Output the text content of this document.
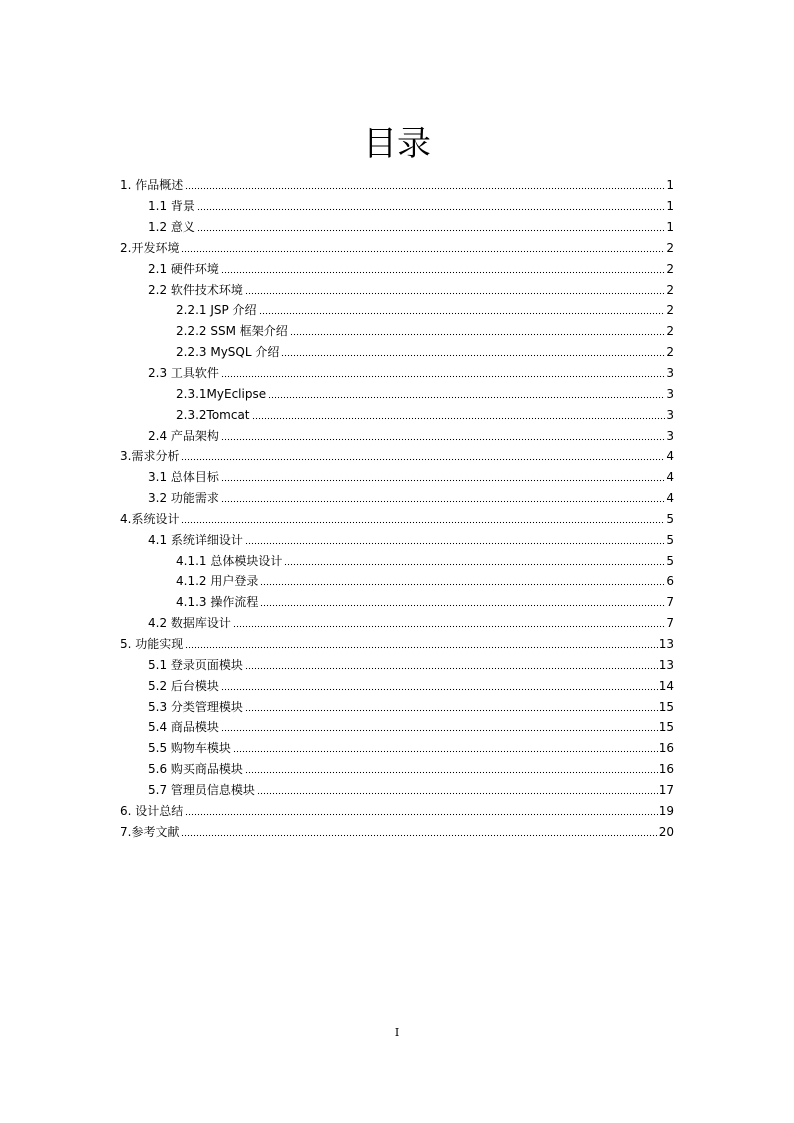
目录
1. 作品概述	1
1.1 背景	1
1.2 意义	1
2.开发环境	2
2.1 硬件环境	2
2.2 软件技术环境	2
2.2.1 JSP 介绍	2
2.2.2 SSM 框架介绍	2
2.2.3 MySQL 介绍	2
2.3 工具软件	3
2.3.1MyEclipse	3
2.3.2Tomcat	3
2.4 产品架构	3
3.需求分析	4
3.1 总体目标	4
3.2 功能需求	4
4.系统设计	5
4.1 系统详细设计	5
4.1.1 总体模块设计	5
4.1.2 用户登录	6
4.1.3 操作流程	7
4.2 数据库设计	7
5. 功能实现	13
5.1 登录页面模块	13
5.2 后台模块	14
5.3 分类管理模块	15
5.4 商品模块	15
5.5 购物车模块	16
5.6 购买商品模块	16
5.7 管理员信息模块	17
6. 设计总结	19
7.参考文献	20
I
